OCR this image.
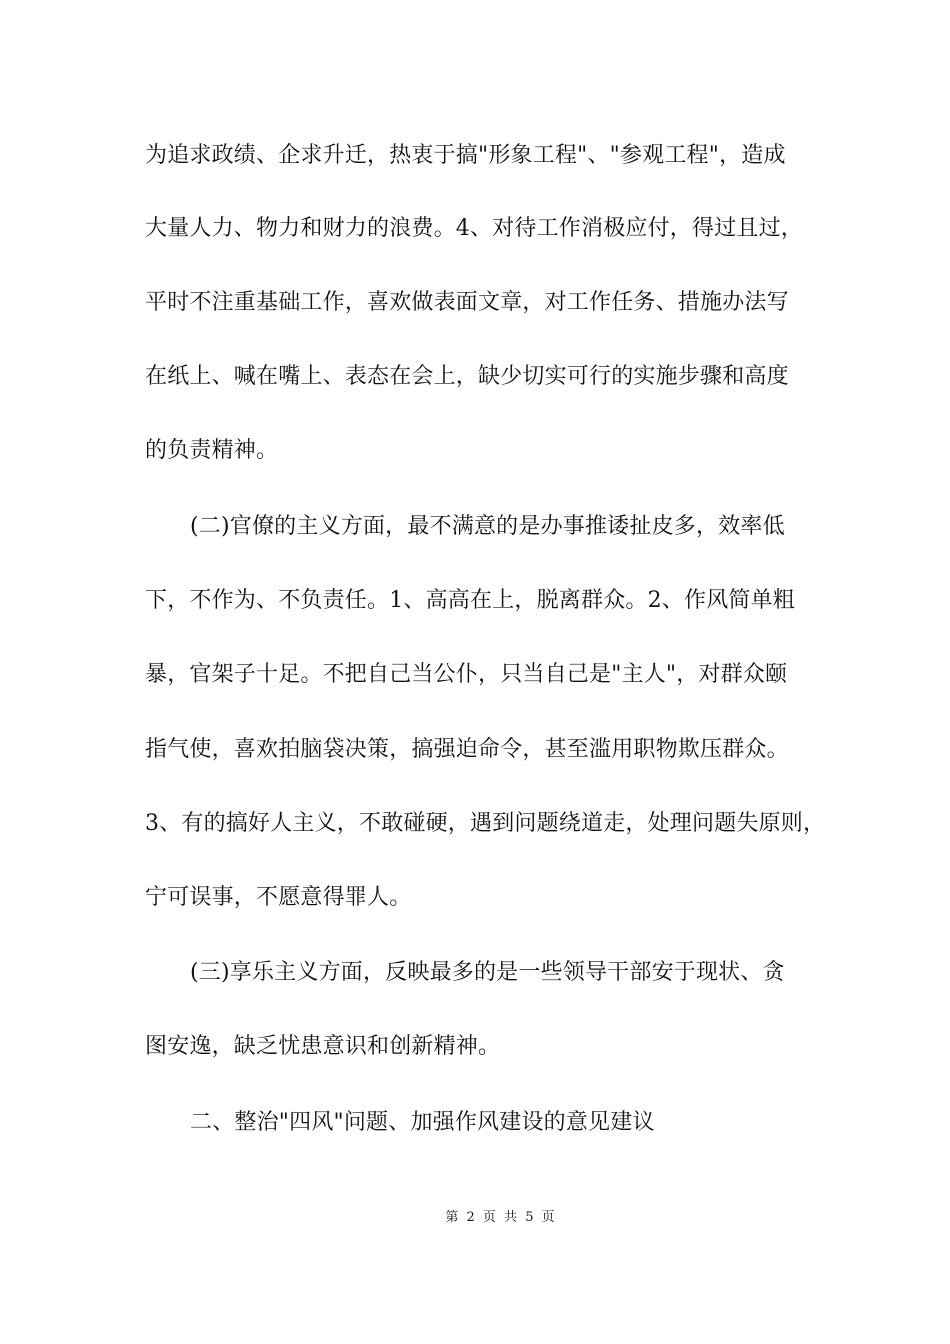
为追求政绩、企求升迁，热衷于搞"形象工程"、"参观工程"，造成
大量人力、物力和财力的浪费。4、对待工作消极应付，得过且过，
平时不注重基础工作，喜欢做表面文章，对工作任务、措施办法写
在纸上、喊在嘴上、表态在会上，缺少切实可行的实施步骤和高度
的负责精神。
(二)官僚的主义方面，最不满意的是办事推诿扯皮多，效率低
下，不作为、不负责任。1、高高在上，脱离群众。2、作风简单粗
暴，官架子十足。不把自己当公仆，只当自己是"主人"，对群众颐
指气使，喜欢拍脑袋决策，搞强迫命令，甚至滥用职物欺压群众。
3、有的搞好人主义，不敢碰硬，遇到问题绕道走，处理问题失原则，
宁可误事，不愿意得罪人。
(三)享乐主义方面，反映最多的是一些领导干部安于现状、贪
图安逸，缺乏忧患意识和创新精神。
二、整治"四风"问题、加强作风建设的意见建议
第 2 页 共 5 页
